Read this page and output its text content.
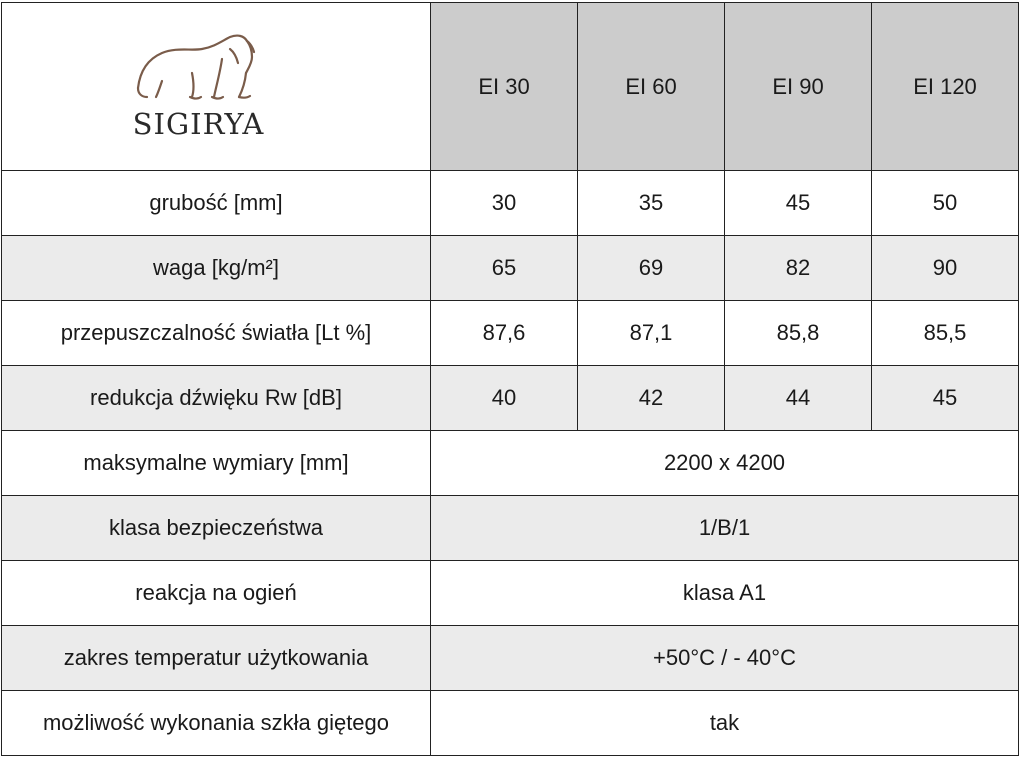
SIGIRYA	EI 30	EI 60	EI 90	EI 120
grubość [mm]	30	35	45	50
waga [kg/m²]	65	69	82	90
przepuszczalność światła [Lt %]	87,6	87,1	85,8	85,5
redukcja dźwięku Rw [dB]	40	42	44	45
maksymalne wymiary [mm]	2200 x 4200			
klasa bezpieczeństwa	1/B/1			
reakcja na ogień	klasa A1			
zakres temperatur użytkowania	+50°C / - 40°C			
możliwość wykonania szkła giętego	tak			
